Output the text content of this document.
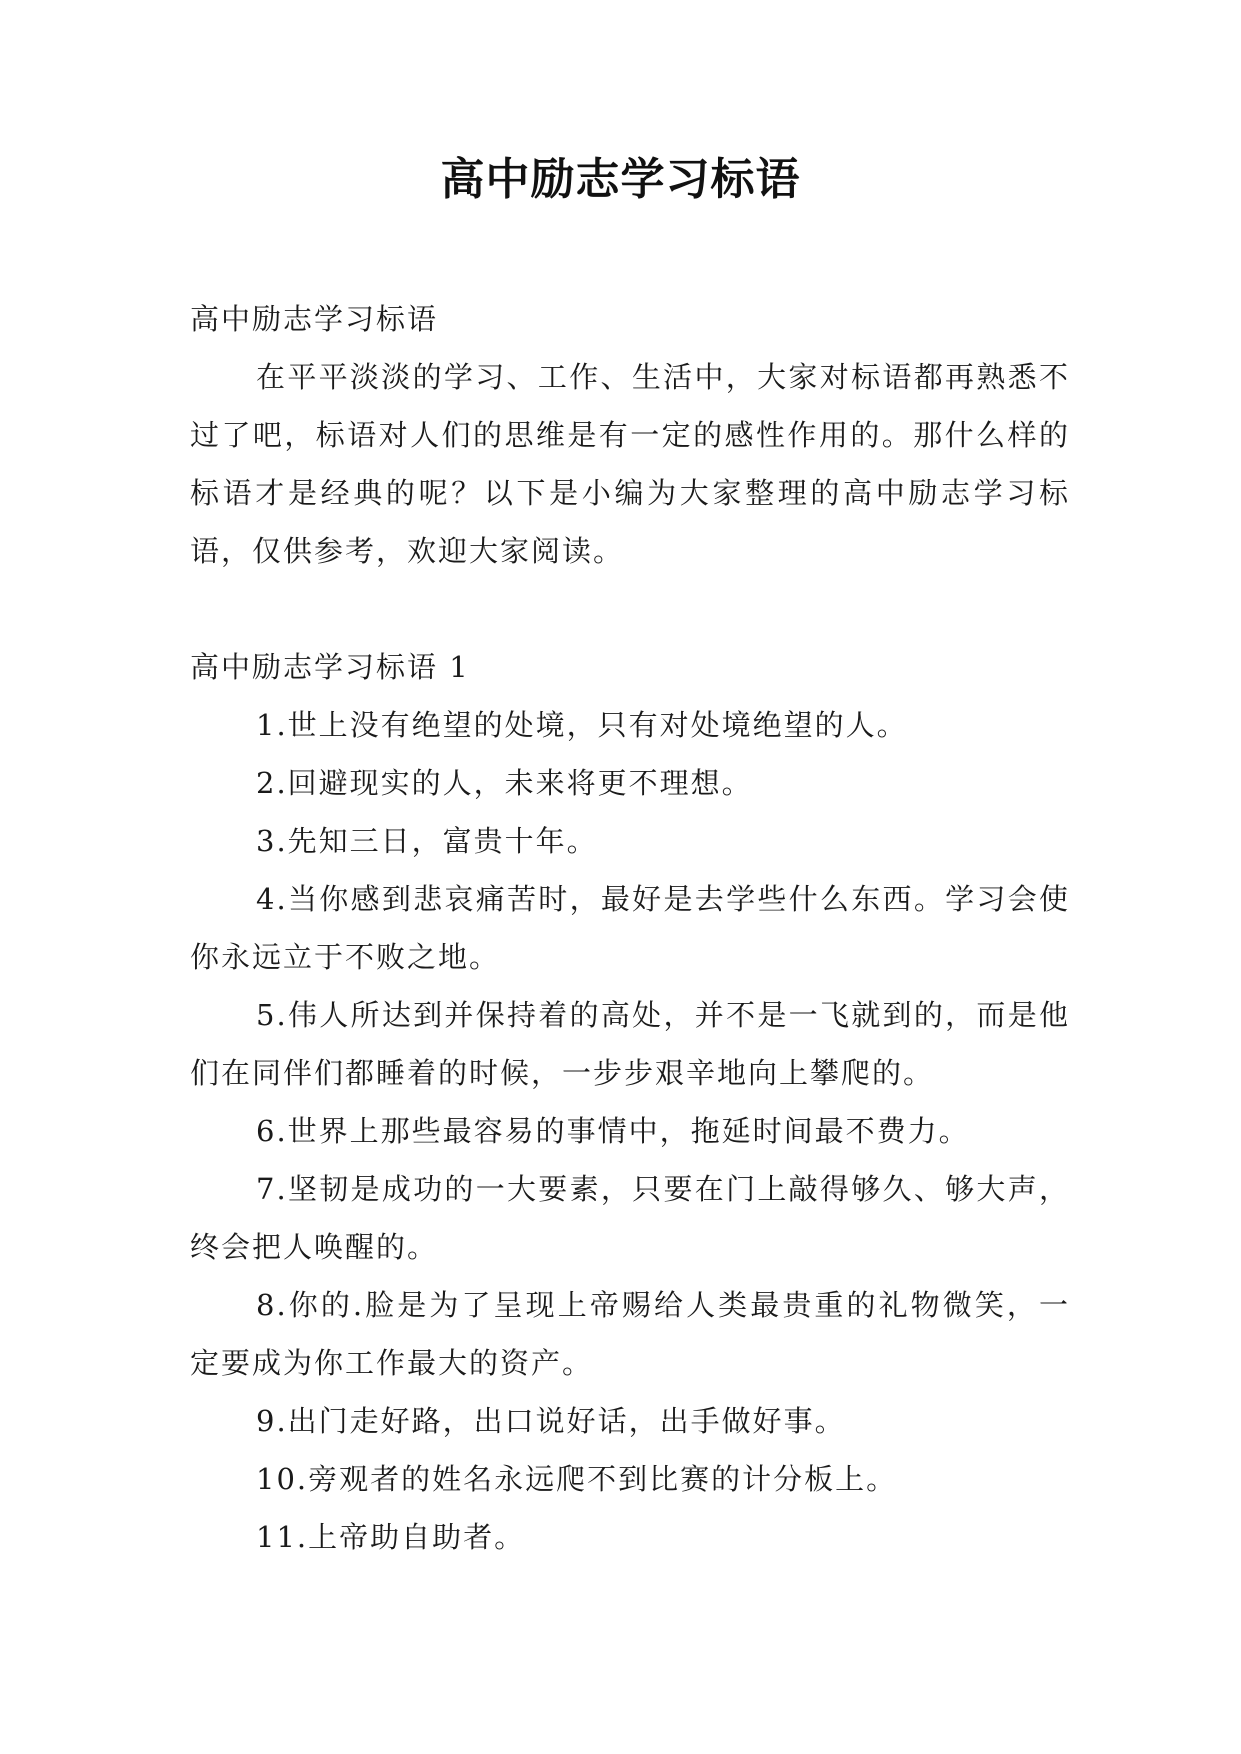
高中励志学习标语

高中励志学习标语

在平平淡淡的学习、工作、生活中，大家对标语都再熟悉不过了吧，标语对人们的思维是有一定的感性作用的。那什么样的标语才是经典的呢？以下是小编为大家整理的高中励志学习标语，仅供参考，欢迎大家阅读。

高中励志学习标语 1

1.世上没有绝望的处境，只有对处境绝望的人。

2.回避现实的人，未来将更不理想。

3.先知三日，富贵十年。

4.当你感到悲哀痛苦时，最好是去学些什么东西。学习会使你永远立于不败之地。

5.伟人所达到并保持着的高处，并不是一飞就到的，而是他们在同伴们都睡着的时候，一步步艰辛地向上攀爬的。

6.世界上那些最容易的事情中，拖延时间最不费力。

7.坚韧是成功的一大要素，只要在门上敲得够久、够大声，终会把人唤醒的。

8.你的.脸是为了呈现上帝赐给人类最贵重的礼物微笑，一定要成为你工作最大的资产。

9.出门走好路，出口说好话，出手做好事。

10.旁观者的姓名永远爬不到比赛的计分板上。

11.上帝助自助者。
